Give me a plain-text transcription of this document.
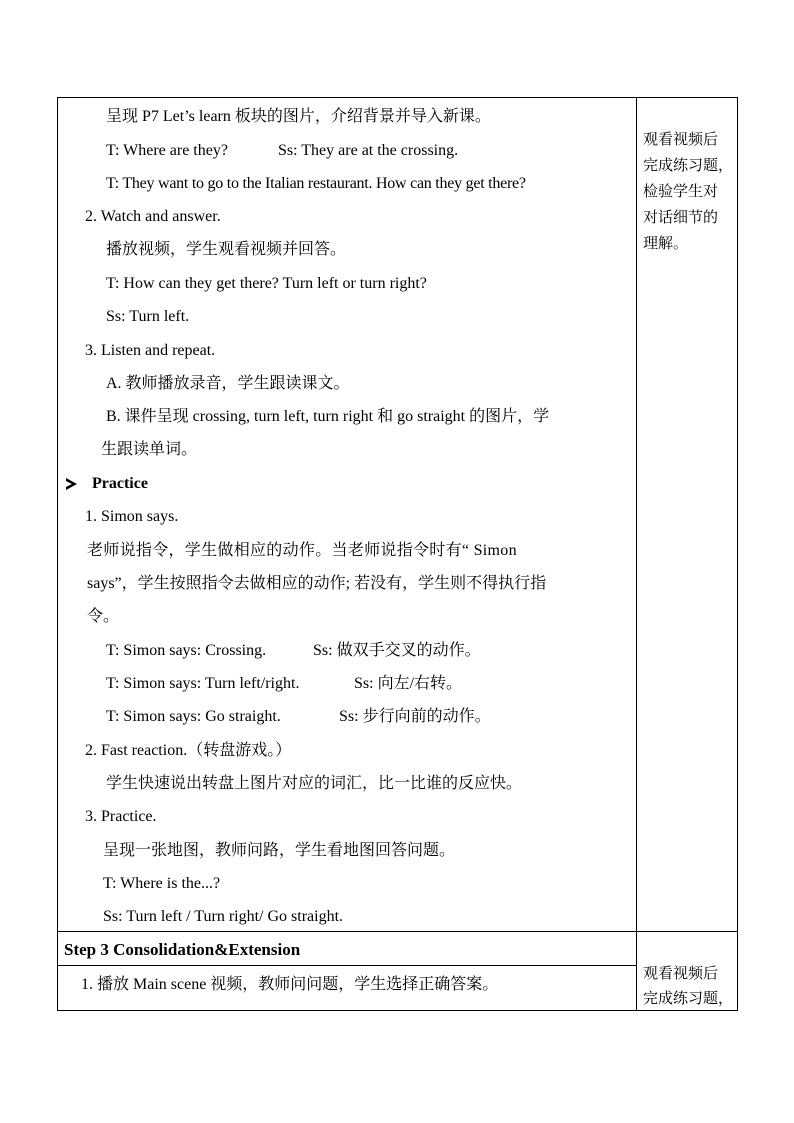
呈现 P7 Let’s learn 板块的图片，介绍背景并导入新课。
T: Where are they?	Ss: They are at the crossing.
T: They want to go to the Italian restaurant. How can they get there?
2. Watch and answer.
播放视频，学生观看视频并回答。
T: How can they get there? Turn left or turn right?
Ss: Turn left.
3. Listen and repeat.
A. 教师播放录音，学生跟读课文。
B. 课件呈现 crossing, turn left, turn right 和 go straight 的图片，学
生跟读单词。
Practice
1. Simon says.
老师说指令，学生做相应的动作。当老师说指令时有“ Simon
says”，学生按照指令去做相应的动作; 若没有，学生则不得执行指
令。
T: Simon says: Crossing.	Ss: 做双手交叉的动作。
T: Simon says: Turn left/right.	Ss: 向左/右转。
T: Simon says: Go straight.	Ss: 步行向前的动作。
2. Fast reaction.（转盘游戏。）
学生快速说出转盘上图片对应的词汇，比一比谁的反应快。
3. Practice.
呈现一张地图，教师问路，学生看地图回答问题。
T: Where is the...?
Ss: Turn left / Turn right/ Go straight.
观看视频后
完成练习题，
检验学生对
对话细节的
理解。
Step 3 Consolidation&Extension
1. 播放 Main scene 视频，教师问问题，学生选择正确答案。
观看视频后
完成练习题，
